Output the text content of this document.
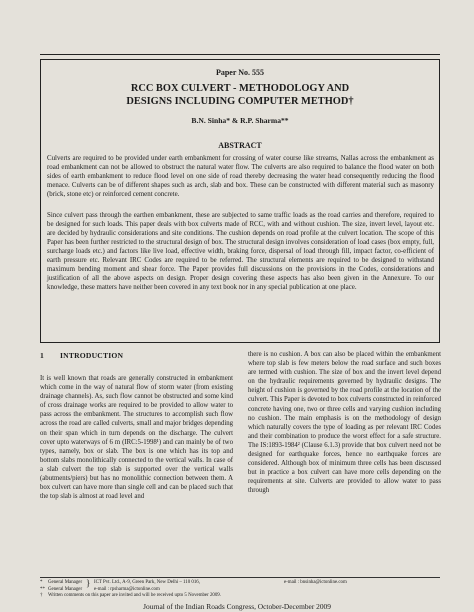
Paper No. 555
RCC BOX CULVERT - METHODOLOGY AND
DESIGNS INCLUDING COMPUTER METHOD†
B.N. Sinha* & R.P. Sharma**
ABSTRACT

Culverts are required to be provided under earth embankment for crossing of water course like streams, Nallas across the embankment as road embankment can not be allowed to obstruct the natural water flow. The culverts are also required to balance the flood water on both sides of earth embankment to reduce flood level on one side of road thereby decreasing the water head consequently reducing the flood menace. Culverts can be of different shapes such as arch, slab and box. These can be constructed with different material such as masonry (brick, stone etc) or reinforced cement concrete.

Since culvert pass through the earthen embankment, these are subjected to same traffic loads as the road carries and therefore, required to be designed for such loads. This paper deals with box culverts made of RCC, with and without cushion. The size, invert level, layout etc. are decided by hydraulic considerations and site conditions. The cushion depends on road profile at the culvert location. The scope of this Paper has been further restricted to the structural design of box. The structural design involves consideration of load cases (box empty, full, surcharge loads etc.) and factors like live load, effective width, braking force, dispersal of load through fill, impact factor, co-efficient of earth pressure etc. Relevant IRC Codes are required to be referred. The structural elements are required to be designed to withstand maximum bending moment and shear force. The Paper provides full discussions on the provisions in the Codes, considerations and justification of all the above aspects on design. Proper design covering these aspects has also been given in the Annexure. To our knowledge, these matters have neither been covered in any text book nor in any special publication at one place.

1 INTRODUCTION

It is well known that roads are generally constructed in embankment which come in the way of natural flow of storm water (from existing drainage channels). As, such flow cannot be obstructed and some kind of cross drainage works are required to be provided to allow water to pass across the embankment. The structures to accomplish such flow across the road are called culverts, small and major bridges depending on their span which in turn depends on the discharge. The culvert cover upto waterways of 6 m (IRC:5-1998¹) and can mainly be of two types, namely, box or slab. The box is one which has its top and bottom slabs monolithically connected to the vertical walls. In case of a slab culvert the top slab is supported over the vertical walls (abutments/piers) but has no monolithic connection between them. A box culvert can have more than single cell and can be placed such that the top slab is almost at road level and

there is no cushion. A box can also be placed within the embankment where top slab is few meters below the road surface and such boxes are termed with cushion. The size of box and the invert level depend on the hydraulic requirements governed by hydraulic designs. The height of cushion is governed by the road profile at the location of the culvert. This Paper is devoted to box culverts constructed in reinforced concrete having one, two or three cells and varying cushion including no cushion. The main emphasis is on the methodology of design which naturally covers the type of loading as per relevant IRC Codes and their combination to produce the worst effect for a safe structure. The IS:1893-1984² (Clause 6.1.3) provide that box culvert need not be designed for earthquake forces, hence no earthquake forces are considered. Although box of minimum three cells has been discussed but in practice a box culvert can have more cells depending on the requirements at site. Culverts are provided to allow water to pass through

*	General Manager } ICT Pvt. Ltd., A-9, Green Park, New Delhi – 110 016,	e-mail : bnsinha@ictonline.com
** General Manager	e-mail : rpsharma@ictonline.com
†	Written comments on this paper are invited and will be received upto 5 November 2009.
Journal of the Indian Roads Congress, October-December 2009
